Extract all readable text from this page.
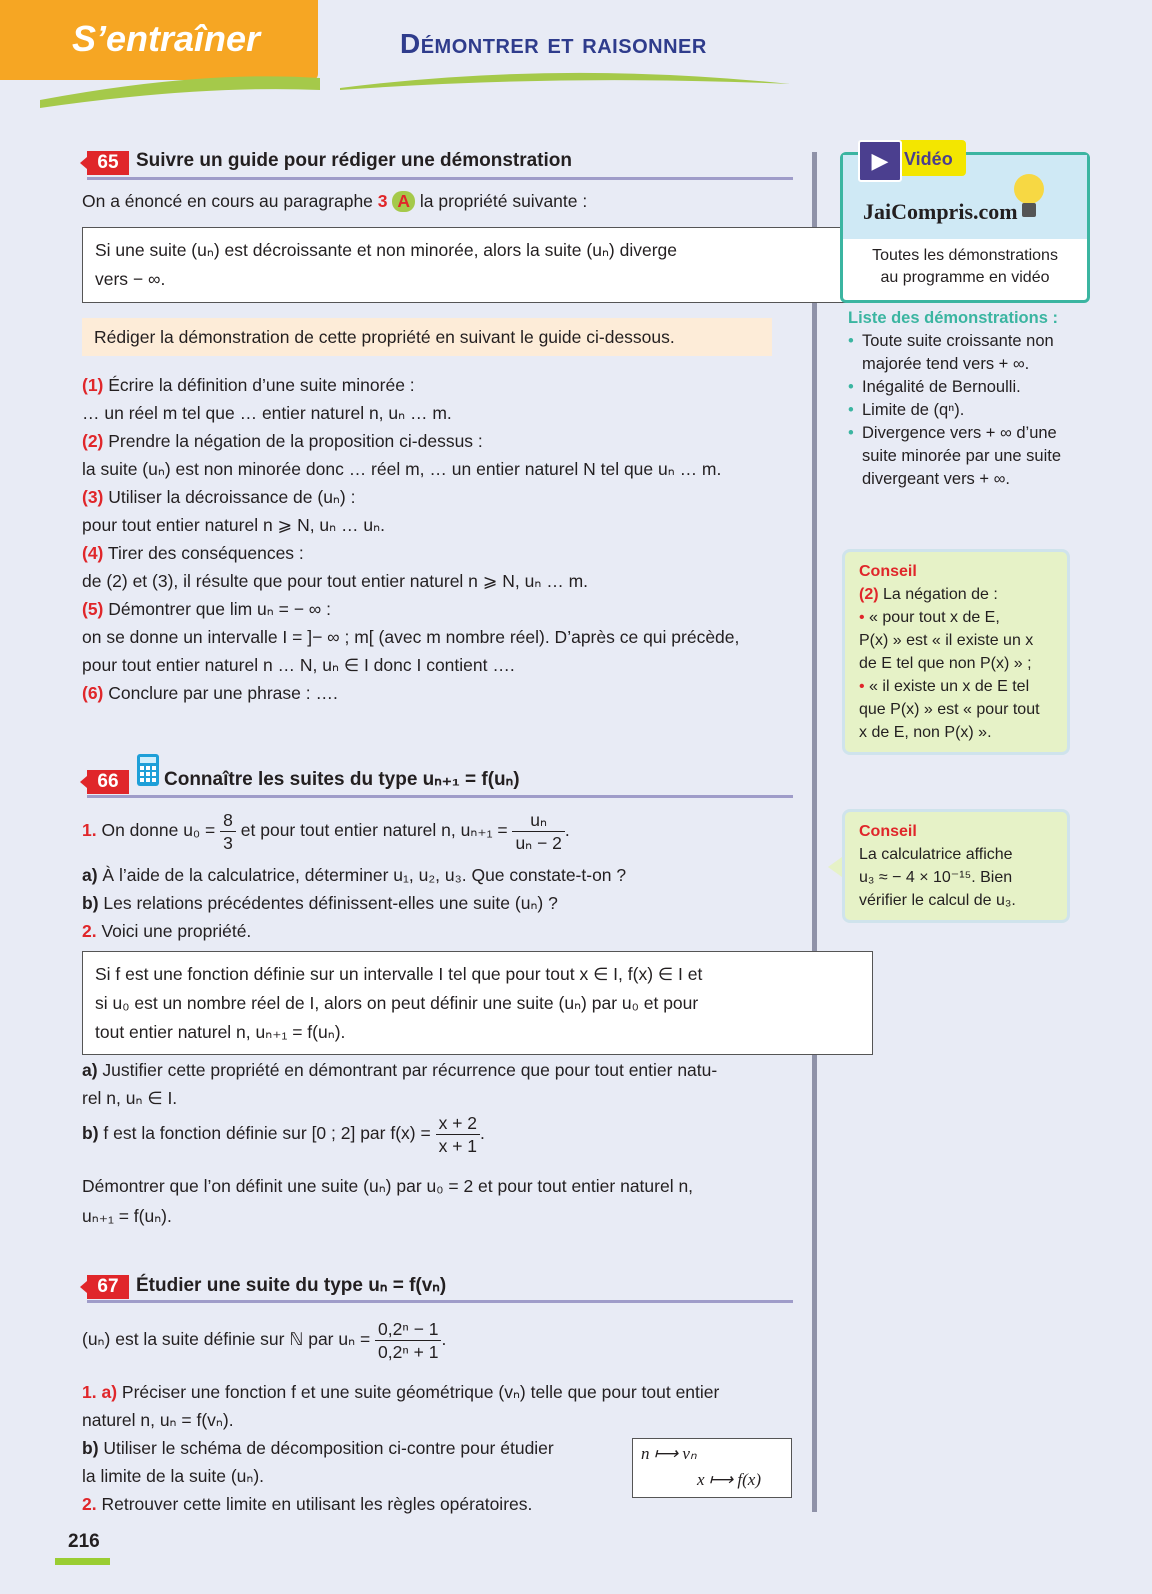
S’entraîner	Démontrer et raisonner
65 Suivre un guide pour rédiger une démonstration
On a énoncé en cours au paragraphe 3 A la propriété suivante :
Si une suite (uₙ) est décroissante et non minorée, alors la suite (uₙ) diverge
vers − ∞.
Rédiger la démonstration de cette propriété en suivant le guide ci-dessous.
(1) Écrire la définition d’une suite minorée :
… un réel m tel que … entier naturel n, uₙ … m.
(2) Prendre la négation de la proposition ci-dessus :
la suite (uₙ) est non minorée donc … réel m, … un entier naturel N tel que uₙ … m.
(3) Utiliser la décroissance de (uₙ) :
pour tout entier naturel n ⩾ N, uₙ … uₙ.
(4) Tirer des conséquences :
de (2) et (3), il résulte que pour tout entier naturel n ⩾ N, uₙ … m.
(5) Démontrer que lim uₙ = − ∞ :
on se donne un intervalle I = ]− ∞ ; m[ (avec m nombre réel). D’après ce qui précède,
pour tout entier naturel n … N, uₙ ∈ I donc I contient ….
(6) Conclure par une phrase : ….
66	Connaître les suites du type uₙ₊₁ = f(uₙ)
1. On donne $u_0 = \frac{8}{3}$ et pour tout entier naturel n, $u_{n+1} = \frac{\text{uₙ}}{\text{uₙ − 2}}$ .
a) À l’aide de la calculatrice, déterminer u₁, u₂, u₃. Que constate-t-on ?
b) Les relations précédentes définissent-elles une suite (uₙ) ?
2. Voici une propriété.
Si f est une fonction définie sur un intervalle I tel que pour tout x ∈ I, f(x) ∈ I et
si u₀ est un nombre réel de I, alors on peut définir une suite (uₙ) par u₀ et pour
tout entier naturel n, uₙ₊₁ = f(uₙ).
a) Justifier cette propriété en démontrant par récurrence que pour tout entier natu-
rel n, uₙ ∈ I.
b) f est la fonction définie sur [0 ; 2] par $f(x) = \frac{x + 2}{x + 1}$ .
Démontrer que l’on définit une suite (uₙ) par u₀ = 2 et pour tout entier naturel n,
uₙ₊₁ = f(uₙ).
67 Étudier une suite du type uₙ = f(vₙ)
(uₙ) est la suite définie sur ℕ par $u_n = \frac{\text{0,2ⁿ − 1}}{\text{0,2ⁿ + 1}}$ .
1. a) Préciser une fonction f et une suite géométrique (vₙ) telle que pour tout entier
naturel n, uₙ = f(vₙ).
b) Utiliser le schéma de décomposition ci-contre pour étudier
la limite de la suite (uₙ).
2. Retrouver cette limite en utilisant les règles opératoires.
n ⟼ vₙ
x ⟼ f(x)
JaiCompris.com
Toutes les démonstrations
au programme en vidéo
▶ Vidéo
Liste des démonstrations :
• Toute suite croissante non majorée tend vers + ∞.
• Inégalité de Bernoulli.
• Limite de (qⁿ).
• Divergence vers + ∞ d’une suite minorée par une suite divergeant vers + ∞.
Conseil
(2) La négation de :
• « pour tout x de E,
P(x) » est « il existe un x
de E tel que non P(x) » ;
• « il existe un x de E tel
que P(x) » est « pour tout
x de E, non P(x) ».
Conseil
La calculatrice affiche
u₃ ≈ − 4 × 10⁻¹⁵. Bien
vérifier le calcul de u₃.
216
